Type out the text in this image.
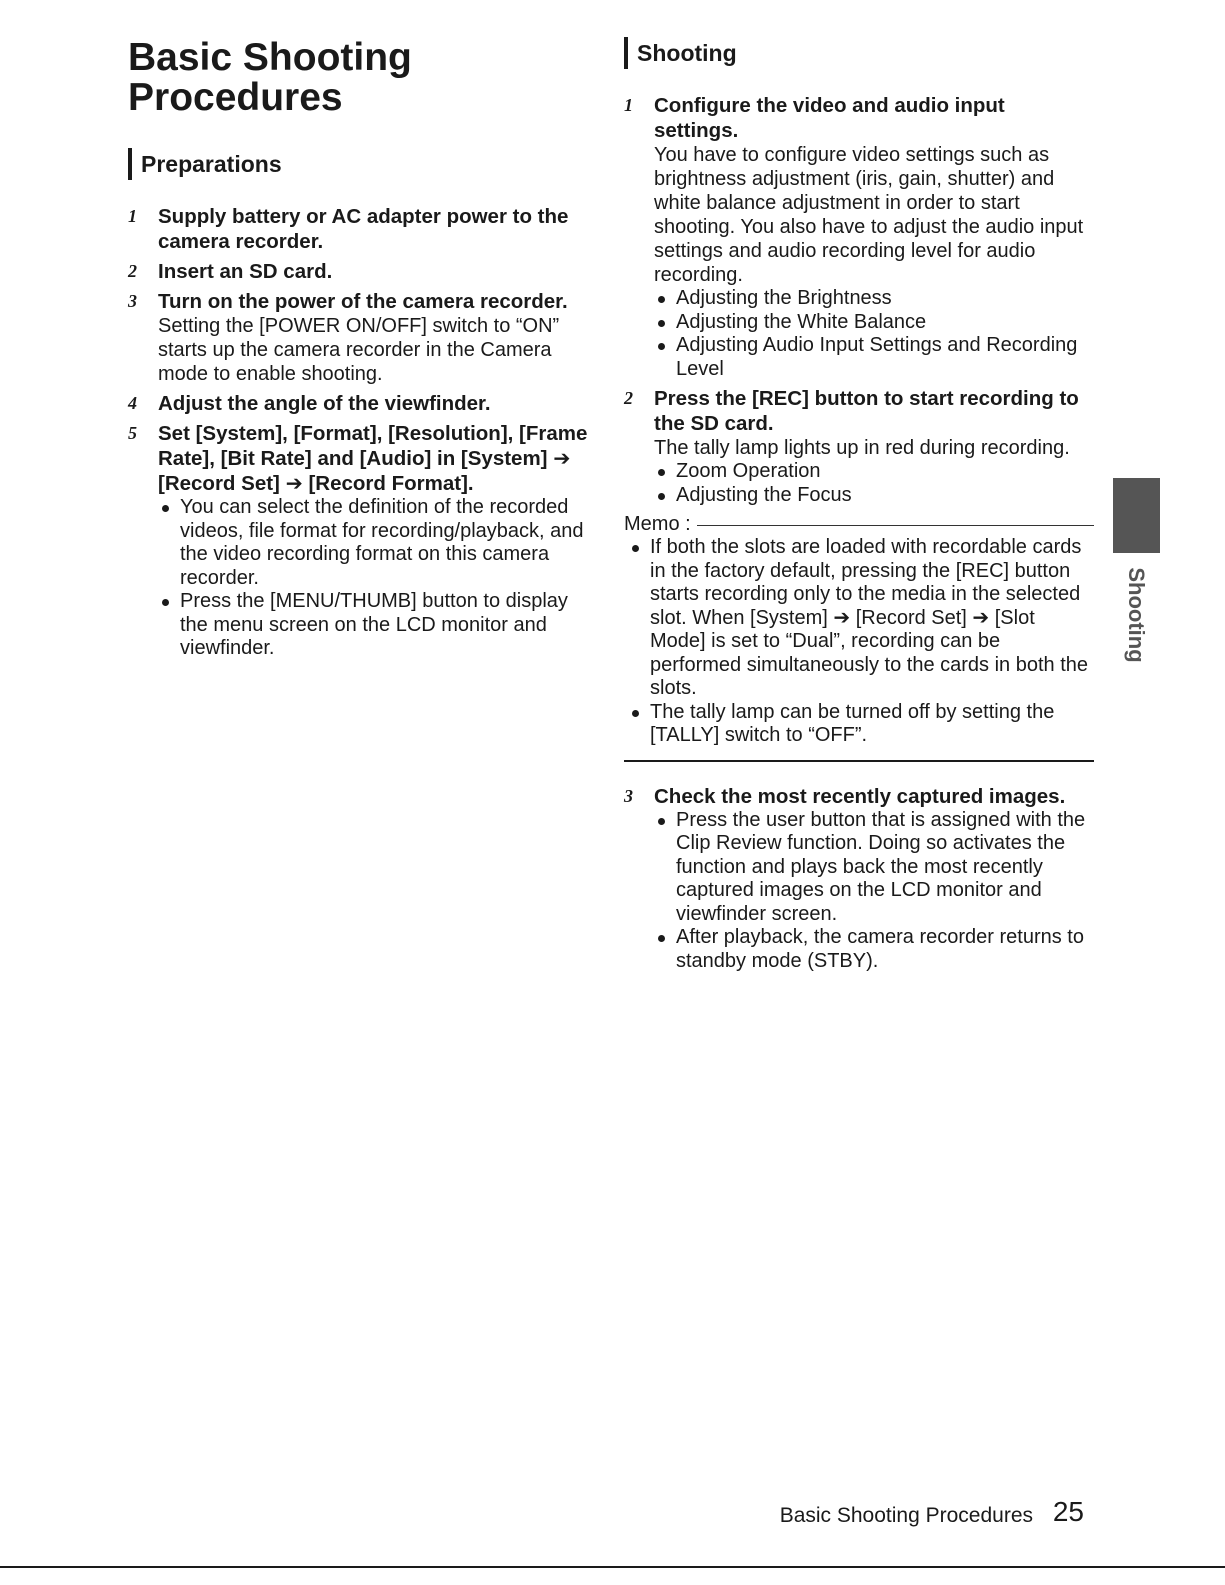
Basic Shooting
Procedures
Preparations
1 Supply battery or AC adapter power to the camera recorder.
2 Insert an SD card.
3 Turn on the power of the camera recorder.
Setting the [POWER ON/OFF] switch to “ON” starts up the camera recorder in the Camera mode to enable shooting.
4 Adjust the angle of the viewfinder.
5 Set [System], [Format], [Resolution], [Frame Rate], [Bit Rate] and [Audio] in [System] ➔ [Record Set] ➔ [Record Format].
You can select the definition of the recorded videos, file format for recording/playback, and the video recording format on this camera recorder.
Press the [MENU/THUMB] button to display the menu screen on the LCD monitor and viewfinder.
Shooting
1 Configure the video and audio input settings.
You have to configure video settings such as brightness adjustment (iris, gain, shutter) and white balance adjustment in order to start shooting. You also have to adjust the audio input settings and audio recording level for audio recording.
Adjusting the Brightness
Adjusting the White Balance
Adjusting Audio Input Settings and Recording Level
2 Press the [REC] button to start recording to the SD card.
The tally lamp lights up in red during recording.
Zoom Operation
Adjusting the Focus
Memo :
If both the slots are loaded with recordable cards in the factory default, pressing the [REC] button starts recording only to the media in the selected slot. When [System] ➔ [Record Set] ➔ [Slot Mode] is set to “Dual”, recording can be performed simultaneously to the cards in both the slots.
The tally lamp can be turned off by setting the [TALLY] switch to “OFF”.
3 Check the most recently captured images.
Press the user button that is assigned with the Clip Review function. Doing so activates the function and plays back the most recently captured images on the LCD monitor and viewfinder screen.
After playback, the camera recorder returns to standby mode (STBY).
Shooting
Basic Shooting Procedures 25
